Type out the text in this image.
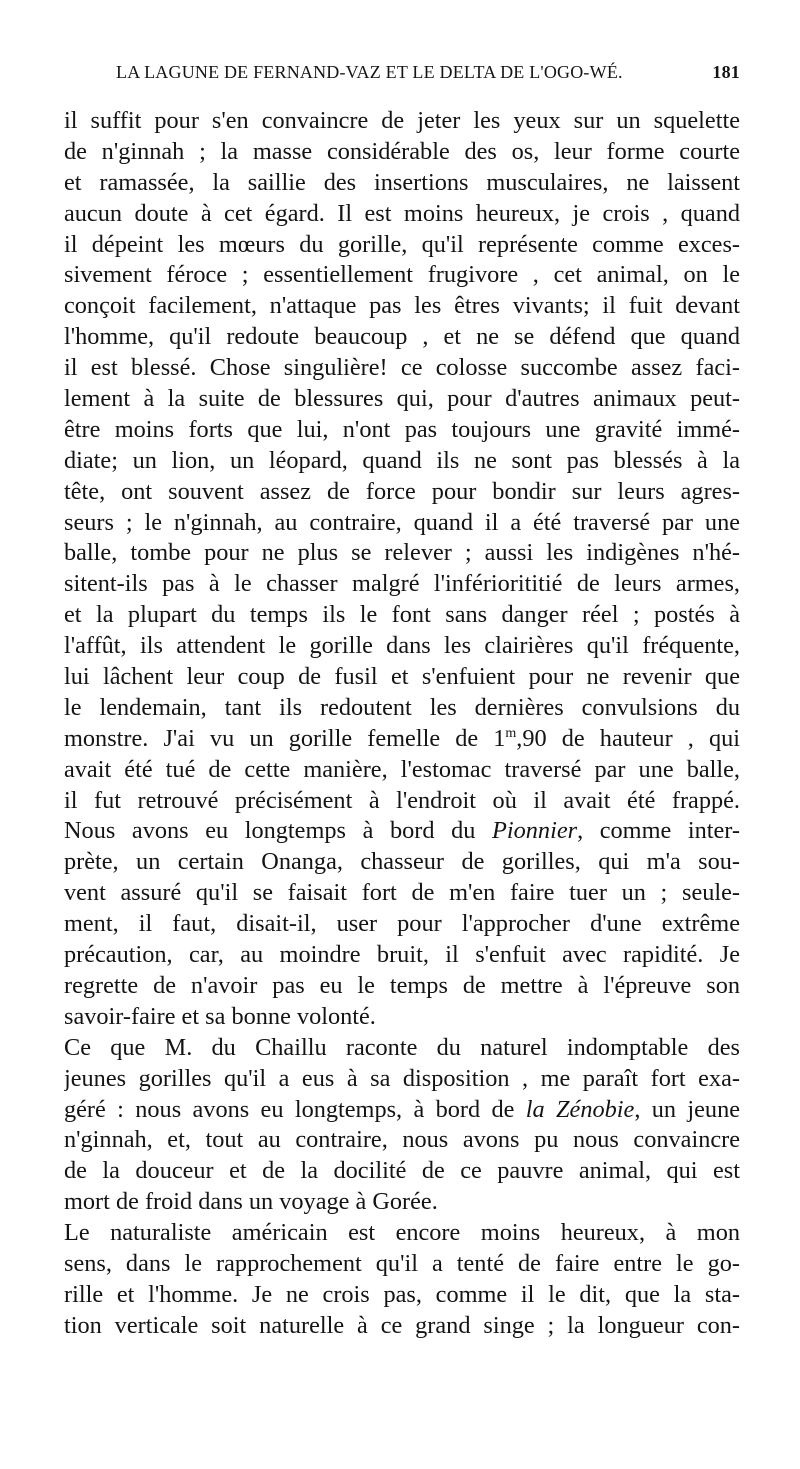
LA LAGUNE DE FERNAND-VAZ ET LE DELTA DE L'OGO-WÉ.	181
il suffit pour s'en convaincre de jeter les yeux sur un squelette
de n'ginnah ; la masse considérable des os, leur forme courte
et ramassée, la saillie des insertions musculaires, ne laissent
aucun doute à cet égard. Il est moins heureux, je crois , quand
il dépeint les mœurs du gorille, qu'il représente comme exces-
sivement féroce ; essentiellement frugivore , cet animal, on le
conçoit facilement, n'attaque pas les êtres vivants; il fuit devant
l'homme, qu'il redoute beaucoup , et ne se défend que quand
il est blessé. Chose singulière! ce colosse succombe assez faci-
lement à la suite de blessures qui, pour d'autres animaux peut-
être moins forts que lui, n'ont pas toujours une gravité immé-
diate; un lion, un léopard, quand ils ne sont pas blessés à la
tête, ont souvent assez de force pour bondir sur leurs agres-
seurs ; le n'ginnah, au contraire, quand il a été traversé par une
balle, tombe pour ne plus se relever ; aussi les indigènes n'hé-
sitent-ils pas à le chasser malgré l'infériorititié de leurs armes,
et la plupart du temps ils le font sans danger réel ; postés à
l'affût, ils attendent le gorille dans les clairières qu'il fréquente,
lui lâchent leur coup de fusil et s'enfuient pour ne revenir que
le lendemain, tant ils redoutent les dernières convulsions du
monstre. J'ai vu un gorille femelle de 1$^m$,90 de hauteur , qui
avait été tué de cette manière, l'estomac traversé par une balle,
il fut retrouvé précisément à l'endroit où il avait été frappé.
Nous avons eu longtemps à bord du Pionnier, comme inter-
prète, un certain Onanga, chasseur de gorilles, qui m'a sou-
vent assuré qu'il se faisait fort de m'en faire tuer un ; seule-
ment, il faut, disait-il, user pour l'approcher d'une extrême
précaution, car, au moindre bruit, il s'enfuit avec rapidité. Je
regrette de n'avoir pas eu le temps de mettre à l'épreuve son
savoir-faire et sa bonne volonté.
Ce que M. du Chaillu raconte du naturel indomptable des
jeunes gorilles qu'il a eus à sa disposition , me paraît fort exa-
géré : nous avons eu longtemps, à bord de la Zénobie, un jeune
n'ginnah, et, tout au contraire, nous avons pu nous convaincre
de la douceur et de la docilité de ce pauvre animal, qui est
mort de froid dans un voyage à Gorée.
Le naturaliste américain est encore moins heureux, à mon
sens, dans le rapprochement qu'il a tenté de faire entre le go-
rille et l'homme. Je ne crois pas, comme il le dit, que la sta-
tion verticale soit naturelle à ce grand singe ; la longueur con-
